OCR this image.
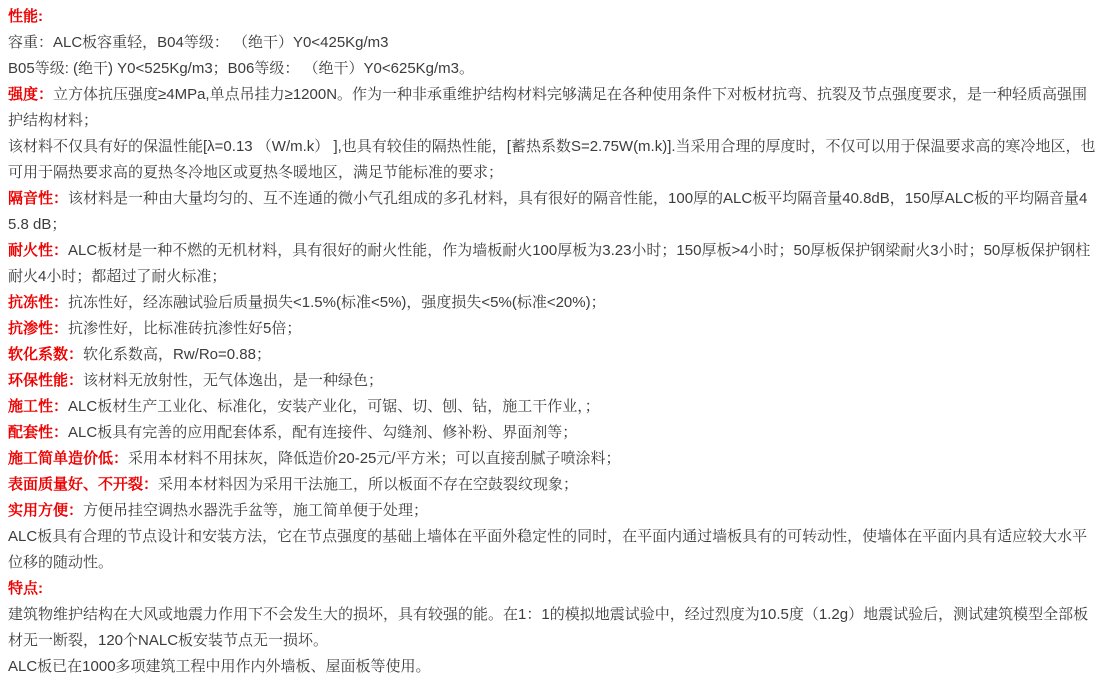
性能:

容重：ALC板容重轻，B04等级： （绝干）Y0<425Kg/m3

B05等级: (绝干) Y0<525Kg/m3；B06等级： （绝干）Y0<625Kg/m3。

强度：立方体抗压强度≥4MPa,单点吊挂力≥1200N。作为一种非承重维护结构材料完够满足在各种使用条件下对板材抗弯、抗裂及节点强度要求，是一种轻质高强围护结构材料；

该材料不仅具有好的保温性能[λ=0.13 （W/m.k） ],也具有较佳的隔热性能，[蓄热系数S=2.75W(m.k)].当采用合理的厚度时，不仅可以用于保温要求高的寒冷地区，也可用于隔热要求高的夏热冬冷地区或夏热冬暖地区，满足节能标准的要求；

隔音性：该材料是一种由大量均匀的、互不连通的微小气孔组成的多孔材料，具有很好的隔音性能，100厚的ALC板平均隔音量40.8dB，150厚ALC板的平均隔音量45.8 dB；

耐火性：ALC板材是一种不燃的无机材料，具有很好的耐火性能，作为墙板耐火100厚板为3.23小时；150厚板>4小时；50厚板保护钢梁耐火3小时；50厚板保护钢柱耐火4小时；都超过了耐火标准；

抗冻性：抗冻性好，经冻融试验后质量损失<1.5%(标准<5%)，强度损失<5%(标准<20%)；

抗渗性：抗渗性好，比标准砖抗渗性好5倍；

软化系数：软化系数高，Rw/Ro=0.88；

环保性能：该材料无放射性，无气体逸出，是一种绿色；

施工性：ALC板材生产工业化、标准化，安装产业化，可锯、切、刨、钻，施工干作业，；

配套性：ALC板具有完善的应用配套体系，配有连接件、勾缝剂、修补粉、界面剂等；

施工简单造价低：采用本材料不用抹灰，降低造价20-25元/平方米；可以直接刮腻子喷涂料；

表面质量好、不开裂：采用本材料因为采用干法施工，所以板面不存在空鼓裂纹现象；

实用方便：方便吊挂空调热水器洗手盆等，施工简单便于处理；

ALC板具有合理的节点设计和安装方法，它在节点强度的基础上墙体在平面外稳定性的同时，在平面内通过墙板具有的可转动性，使墙体在平面内具有适应较大水平位移的随动性。

特点:

建筑物维护结构在大风或地震力作用下不会发生大的损坏，具有较强的能。在1：1的模拟地震试验中，经过烈度为10.5度（1.2g）地震试验后，测试建筑模型全部板材无一断裂，120个NALC板安装节点无一损坏。

ALC板已在1000多项建筑工程中用作内外墙板、屋面板等使用。
